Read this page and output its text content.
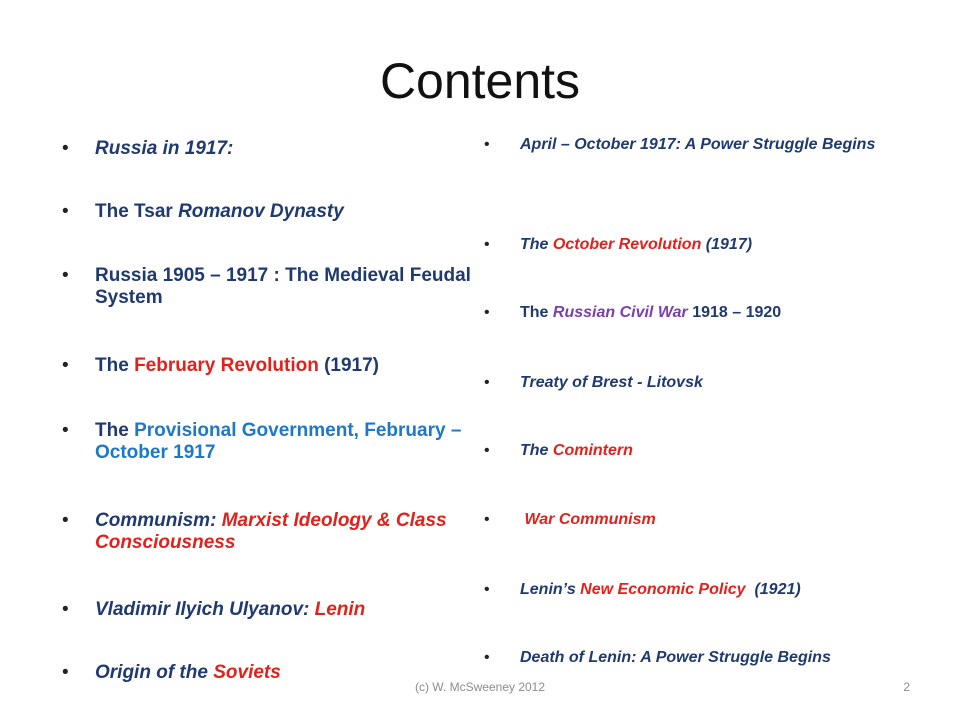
Contents
•	Russia in 1917:
•	The Tsar Romanov Dynasty
•	Russia 1905 – 1917 : The Medieval Feudal System
•	The February Revolution (1917)
•	The Provisional Government, February – October 1917
•	Communism: Marxist Ideology & Class Consciousness
•	Vladimir Ilyich Ulyanov: Lenin
•	Origin of the Soviets
•	April – October 1917: A Power Struggle Begins
•	The October Revolution (1917)
•	The Russian Civil War 1918 – 1920
•	Treaty of Brest - Litovsk
•	The Comintern
•	War Communism
•	Lenin’s New Economic Policy  (1921)
•	Death of Lenin: A Power Struggle Begins
(c) W. McSweeney 2012	2
